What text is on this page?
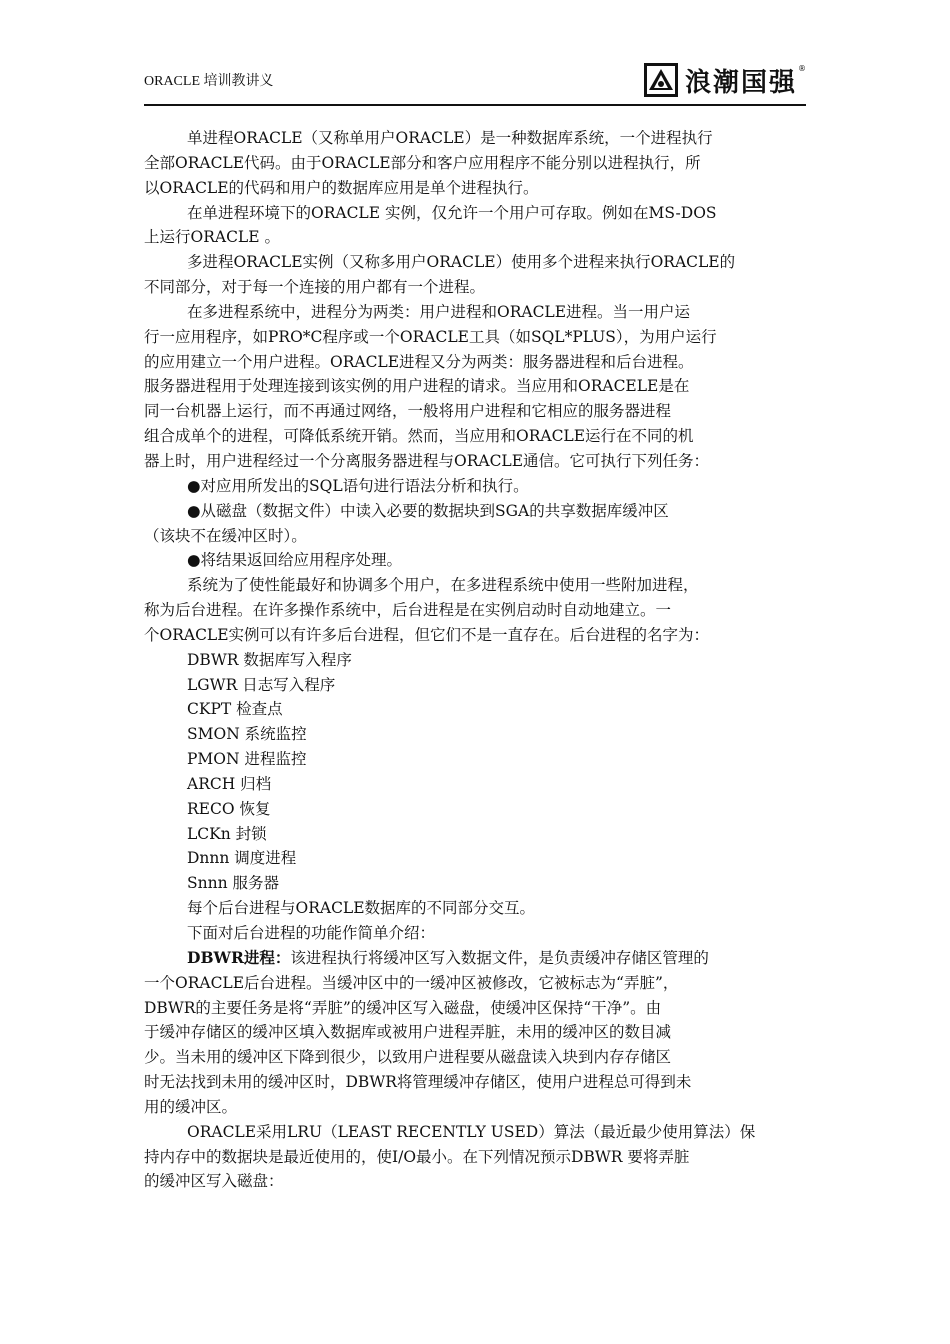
ORACLE 培训教讲义	浪潮国强 ®

单进程ORACLE（又称单用户ORACLE）是一种数据库系统，一个进程执行

全部ORACLE代码。由于ORACLE部分和客户应用程序不能分别以进程执行，所

以ORACLE的代码和用户的数据库应用是单个进程执行。

在单进程环境下的ORACLE 实例，仅允许一个用户可存取。例如在MS-DOS

上运行ORACLE 。

多进程ORACLE实例（又称多用户ORACLE）使用多个进程来执行ORACLE的

不同部分，对于每一个连接的用户都有一个进程。

在多进程系统中，进程分为两类：用户进程和ORACLE进程。当一用户运

行一应用程序，如PRO*C程序或一个ORACLE工具（如SQL*PLUS），为用户运行

的应用建立一个用户进程。ORACLE进程又分为两类：服务器进程和后台进程。

服务器进程用于处理连接到该实例的用户进程的请求。当应用和ORACELE是在

同一台机器上运行，而不再通过网络，一般将用户进程和它相应的服务器进程

组合成单个的进程，可降低系统开销。然而，当应用和ORACLE运行在不同的机

器上时，用户进程经过一个分离服务器进程与ORACLE通信。它可执行下列任务：

●对应用所发出的SQL语句进行语法分析和执行。

●从磁盘（数据文件）中读入必要的数据块到SGA的共享数据库缓冲区

（该块不在缓冲区时）。

●将结果返回给应用程序处理。

系统为了使性能最好和协调多个用户，在多进程系统中使用一些附加进程，

称为后台进程。在许多操作系统中，后台进程是在实例启动时自动地建立。一

个ORACLE实例可以有许多后台进程，但它们不是一直存在。后台进程的名字为：

DBWR 数据库写入程序

LGWR 日志写入程序

CKPT 检查点

SMON 系统监控

PMON 进程监控

ARCH 归档

RECO 恢复

LCKn 封锁

Dnnn 调度进程

Snnn 服务器

每个后台进程与ORACLE数据库的不同部分交互。

下面对后台进程的功能作简单介绍：

DBWR进程：该进程执行将缓冲区写入数据文件，是负责缓冲存储区管理的

一个ORACLE后台进程。当缓冲区中的一缓冲区被修改，它被标志为“弄脏”，

DBWR的主要任务是将“弄脏”的缓冲区写入磁盘，使缓冲区保持“干净”。由

于缓冲存储区的缓冲区填入数据库或被用户进程弄脏，未用的缓冲区的数目减

少。当未用的缓冲区下降到很少，以致用户进程要从磁盘读入块到内存存储区

时无法找到未用的缓冲区时，DBWR将管理缓冲存储区，使用户进程总可得到未

用的缓冲区。

ORACLE采用LRU（LEAST RECENTLY USED）算法（最近最少使用算法）保

持内存中的数据块是最近使用的，使I/O最小。在下列情况预示DBWR 要将弄脏

的缓冲区写入磁盘：
